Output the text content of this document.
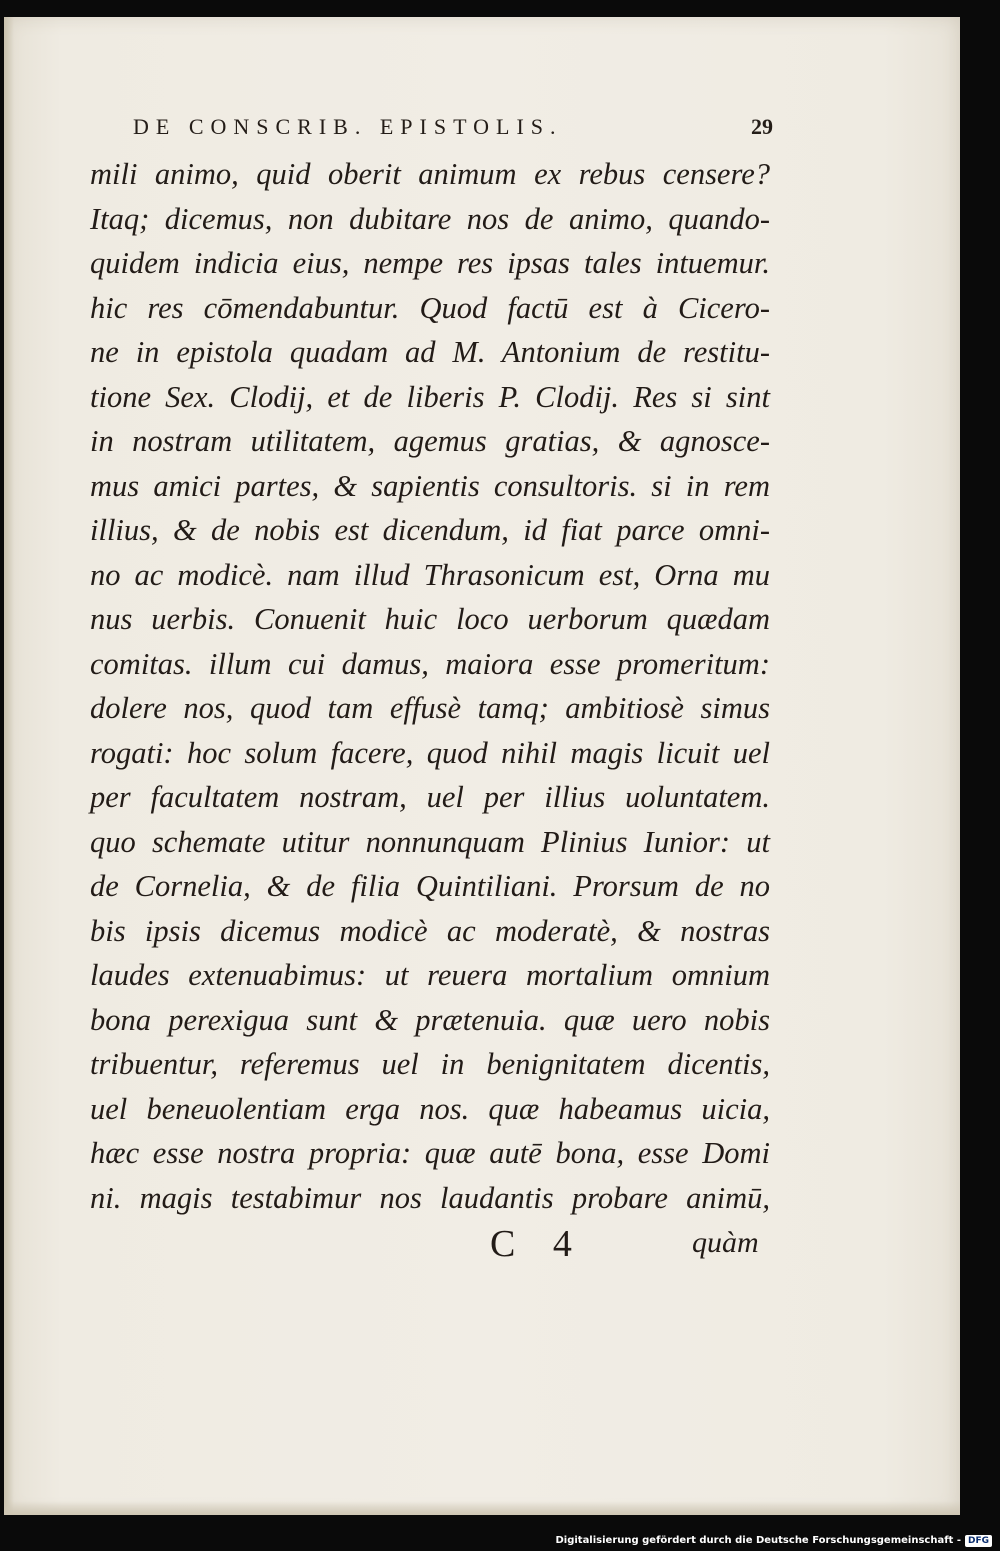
DE CONSCRIB. EPISTOLIS.	29
mili animo, quid oberit animum ex rebus censere?
Itaq; dicemus, non dubitare nos de animo, quando-
quidem indicia eius, nempe res ipsas tales intuemur.
hic res cōmendabuntur. Quod factū est à Cicero-
ne in epistola quadam ad M. Antonium de restitu-
tione Sex. Clodij, et de liberis P. Clodij. Res si sint
in nostram utilitatem, agemus gratias, & agnosce-
mus amici partes, & sapientis consultoris. si in rem
illius, & de nobis est dicendum, id fiat parce omni-
no ac modicè. nam illud Thrasonicum est, Orna mu
nus uerbis. Conuenit huic loco uerborum quædam
comitas. illum cui damus, maiora esse promeritum:
dolere nos, quod tam effusè tamq; ambitiosè simus
rogati: hoc solum facere, quod nihil magis licuit uel
per facultatem nostram, uel per illius uoluntatem.
quo schemate utitur nonnunquam Plinius Iunior: ut
de Cornelia, & de filia Quintiliani. Prorsum de no
bis ipsis dicemus modicè ac moderatè, & nostras
laudes extenuabimus: ut reuera mortalium omnium
bona perexigua sunt & prætenuia. quæ uero nobis
tribuentur, referemus uel in benignitatem dicentis,
uel beneuolentiam erga nos. quæ habeamus uicia,
hæc esse nostra propria: quæ autē bona, esse Domi
ni. magis testabimur nos laudantis probare animū,
C 4	quàm
Digitalisierung gefördert durch die Deutsche Forschungsgemeinschaft - DFG
